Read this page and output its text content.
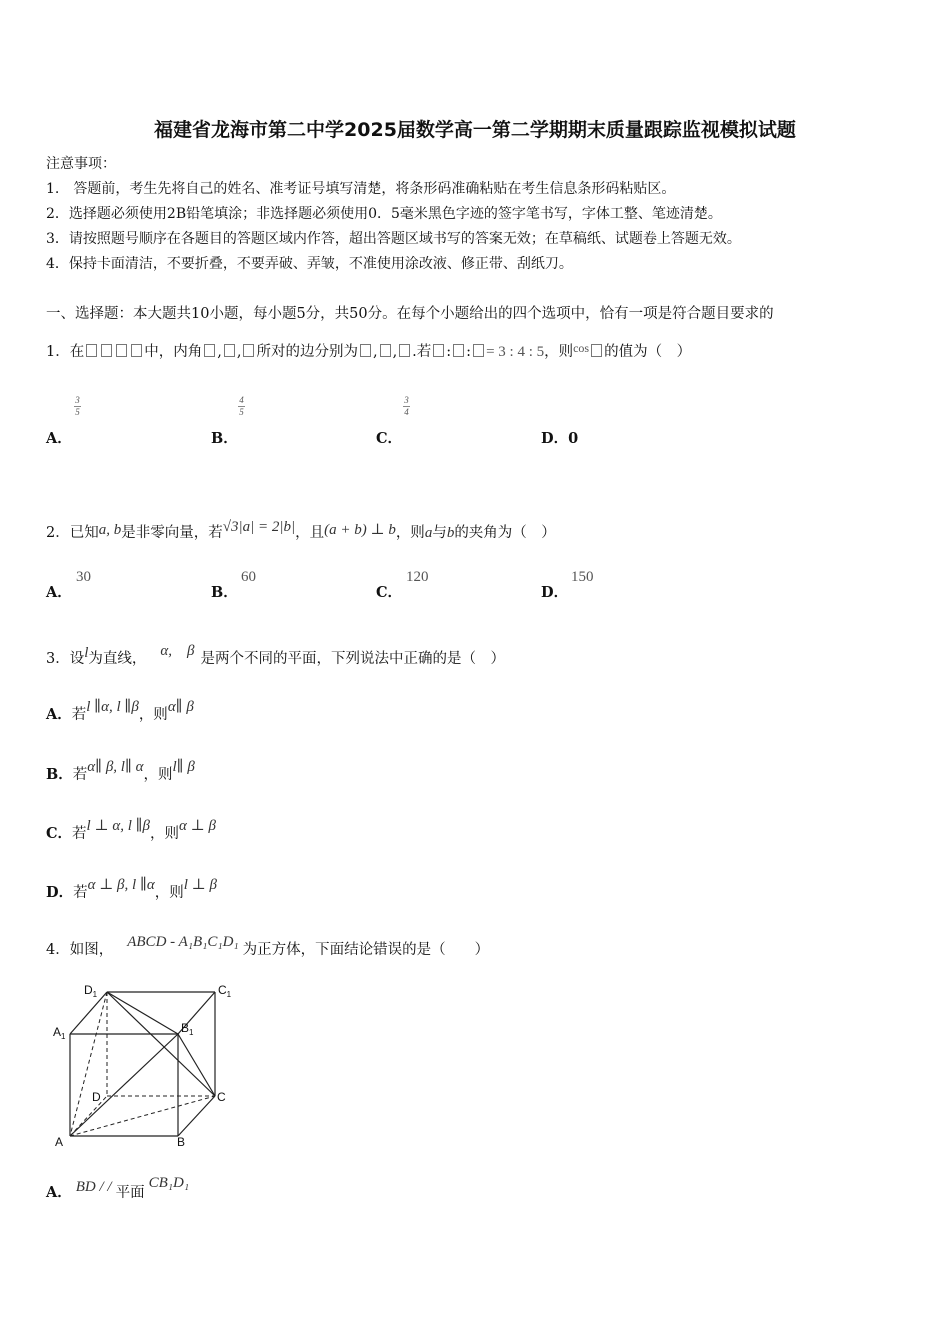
福建省龙海市第二中学2025届数学高一第二学期期末质量跟踪监视模拟试题
注意事项：
1.　答题前，考生先将自己的姓名、准考证号填写清楚，将条形码准确粘贴在考生信息条形码粘贴区。
2．选择题必须使用2B铅笔填涂；非选择题必须使用0．5毫米黑色字迹的签字笔书写，字体工整、笔迹清楚。
3．请按照题号顺序在各题目的答题区域内作答，超出答题区域书写的答案无效；在草稿纸、试题卷上答题无效。
4．保持卡面清洁，不要折叠，不要弄破、弄皱，不准使用涂改液、修正带、刮纸刀。
一、选择题：本大题共10小题，每小题5分，共50分。在每个小题给出的四个选项中，恰有一项是符合题目要求的
1．在	中，内角 , , 所对的边分别为 , , .若 : : = 3 : 4 : 5，则$^{cos}$ 的值为（　）
$\frac{3}{5}$	$\frac{4}{5}$	$\frac{3}{4}$
A．	B．	C．	D．0
2．已知a, b是非零向量，若√3|a| = 2|b|，且(a + b) ⊥ b，则a与b的夹角为（　）
A．
30
B．
60
C．
120
D．
150
3．设l为直线， α,　β 是两个不同的平面，下列说法中正确的是（　）
A．若l ∥α, l ∥β，则α∥ β
B．若α∥ β, l∥ α，则l∥ β
C．若l ⊥ α, l ∥β，则α ⊥ β
D．若α ⊥ β, l ∥α，则l ⊥ β
4．如图， ABCD - A₁B₁C₁D₁ 为正方体，下面结论错误的是（　　）
$D_1$	$C_1$
$A_1$
$B_1$
D	C
A	B
A． BD / / 平面CB₁D₁
